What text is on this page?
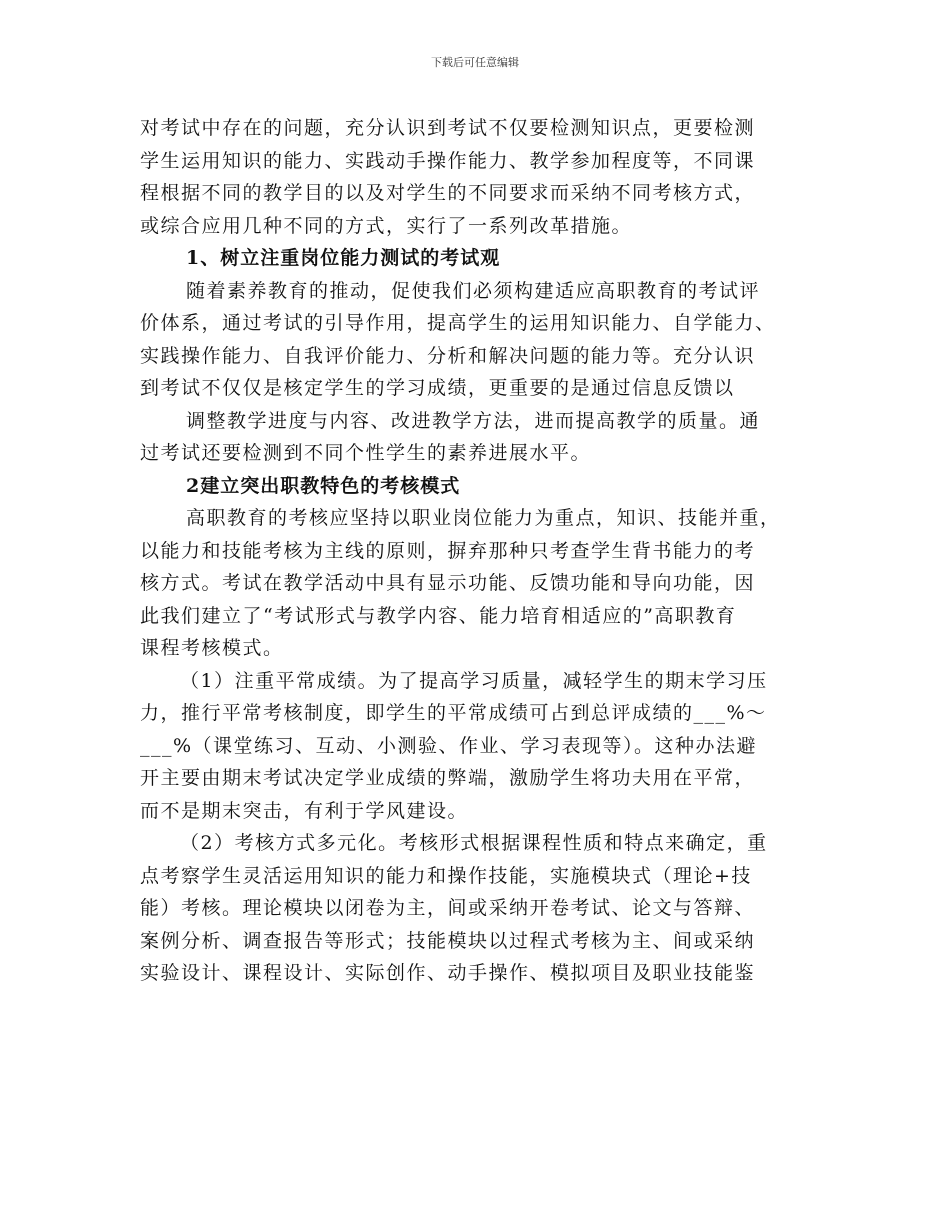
下载后可任意编辑
对考试中存在的问题，充分认识到考试不仅要检测知识点，更要检测
学生运用知识的能力、实践动手操作能力、教学参加程度等，不同课
程根据不同的教学目的以及对学生的不同要求而采纳不同考核方式，
或综合应用几种不同的方式，实行了一系列改革措施。
1、树立注重岗位能力测试的考试观
随着素养教育的推动，促使我们必须构建适应高职教育的考试评
价体系，通过考试的引导作用，提高学生的运用知识能力、自学能力、
实践操作能力、自我评价能力、分析和解决问题的能力等。充分认识
到考试不仅仅是核定学生的学习成绩，更重要的是通过信息反馈以
调整教学进度与内容、改进教学方法，进而提高教学的质量。通
过考试还要检测到不同个性学生的素养进展水平。
2建立突出职教特色的考核模式
高职教育的考核应坚持以职业岗位能力为重点，知识、技能并重，
以能力和技能考核为主线的原则，摒弃那种只考查学生背书能力的考
核方式。考试在教学活动中具有显示功能、反馈功能和导向功能，因
此我们建立了“考试形式与教学内容、能力培育相适应的”高职教育
课程考核模式。
（1）注重平常成绩。为了提高学习质量，减轻学生的期末学习压
力，推行平常考核制度，即学生的平常成绩可占到总评成绩的___%～
___%（课堂练习、互动、小测验、作业、学习表现等）。这种办法避
开主要由期末考试决定学业成绩的弊端，激励学生将功夫用在平常，
而不是期末突击，有利于学风建设。
（2）考核方式多元化。考核形式根据课程性质和特点来确定，重
点考察学生灵活运用知识的能力和操作技能，实施模块式（理论+技
能）考核。理论模块以闭卷为主，间或采纳开卷考试、论文与答辩、
案例分析、调查报告等形式；技能模块以过程式考核为主、间或采纳
实验设计、课程设计、实际创作、动手操作、模拟项目及职业技能鉴
